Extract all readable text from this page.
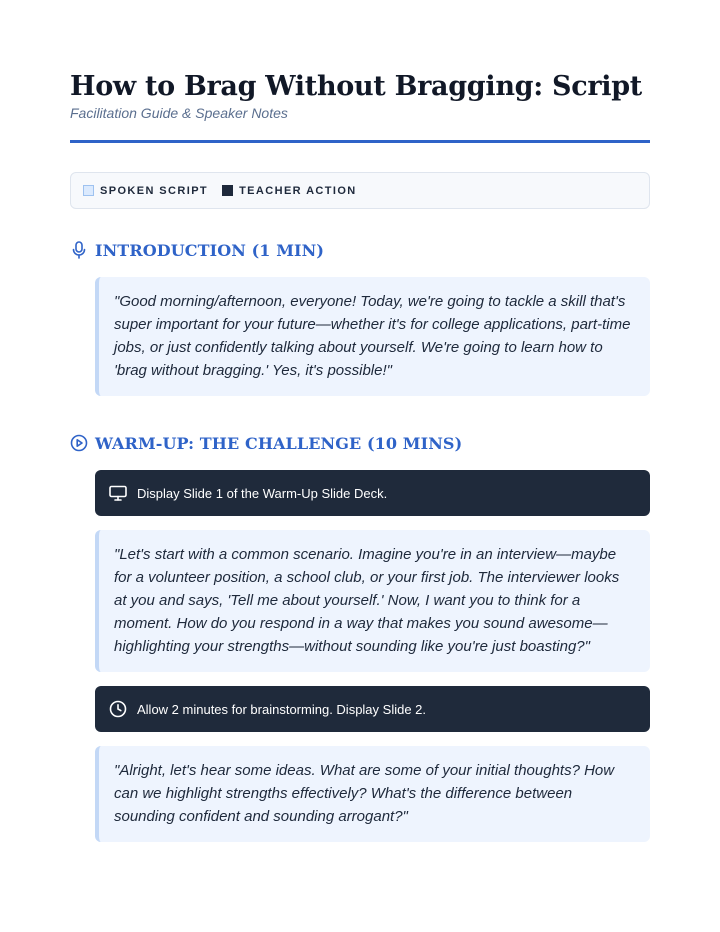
How to Brag Without Bragging: Script
Facilitation Guide & Speaker Notes
SPOKEN SCRIPT	TEACHER ACTION
INTRODUCTION (1 MIN)
"Good morning/afternoon, everyone! Today, we're going to tackle a skill that's super important for your future—whether it's for college applications, part-time jobs, or just confidently talking about yourself. We're going to learn how to 'brag without bragging.' Yes, it's possible!"
WARM-UP: THE CHALLENGE (10 MINS)
Display Slide 1 of the Warm-Up Slide Deck.
"Let's start with a common scenario. Imagine you're in an interview—maybe for a volunteer position, a school club, or your first job. The interviewer looks at you and says, 'Tell me about yourself.' Now, I want you to think for a moment. How do you respond in a way that makes you sound awesome—highlighting your strengths—without sounding like you're just boasting?"
Allow 2 minutes for brainstorming. Display Slide 2.
"Alright, let's hear some ideas. What are some of your initial thoughts? How can we highlight strengths effectively? What's the difference between sounding confident and sounding arrogant?"
